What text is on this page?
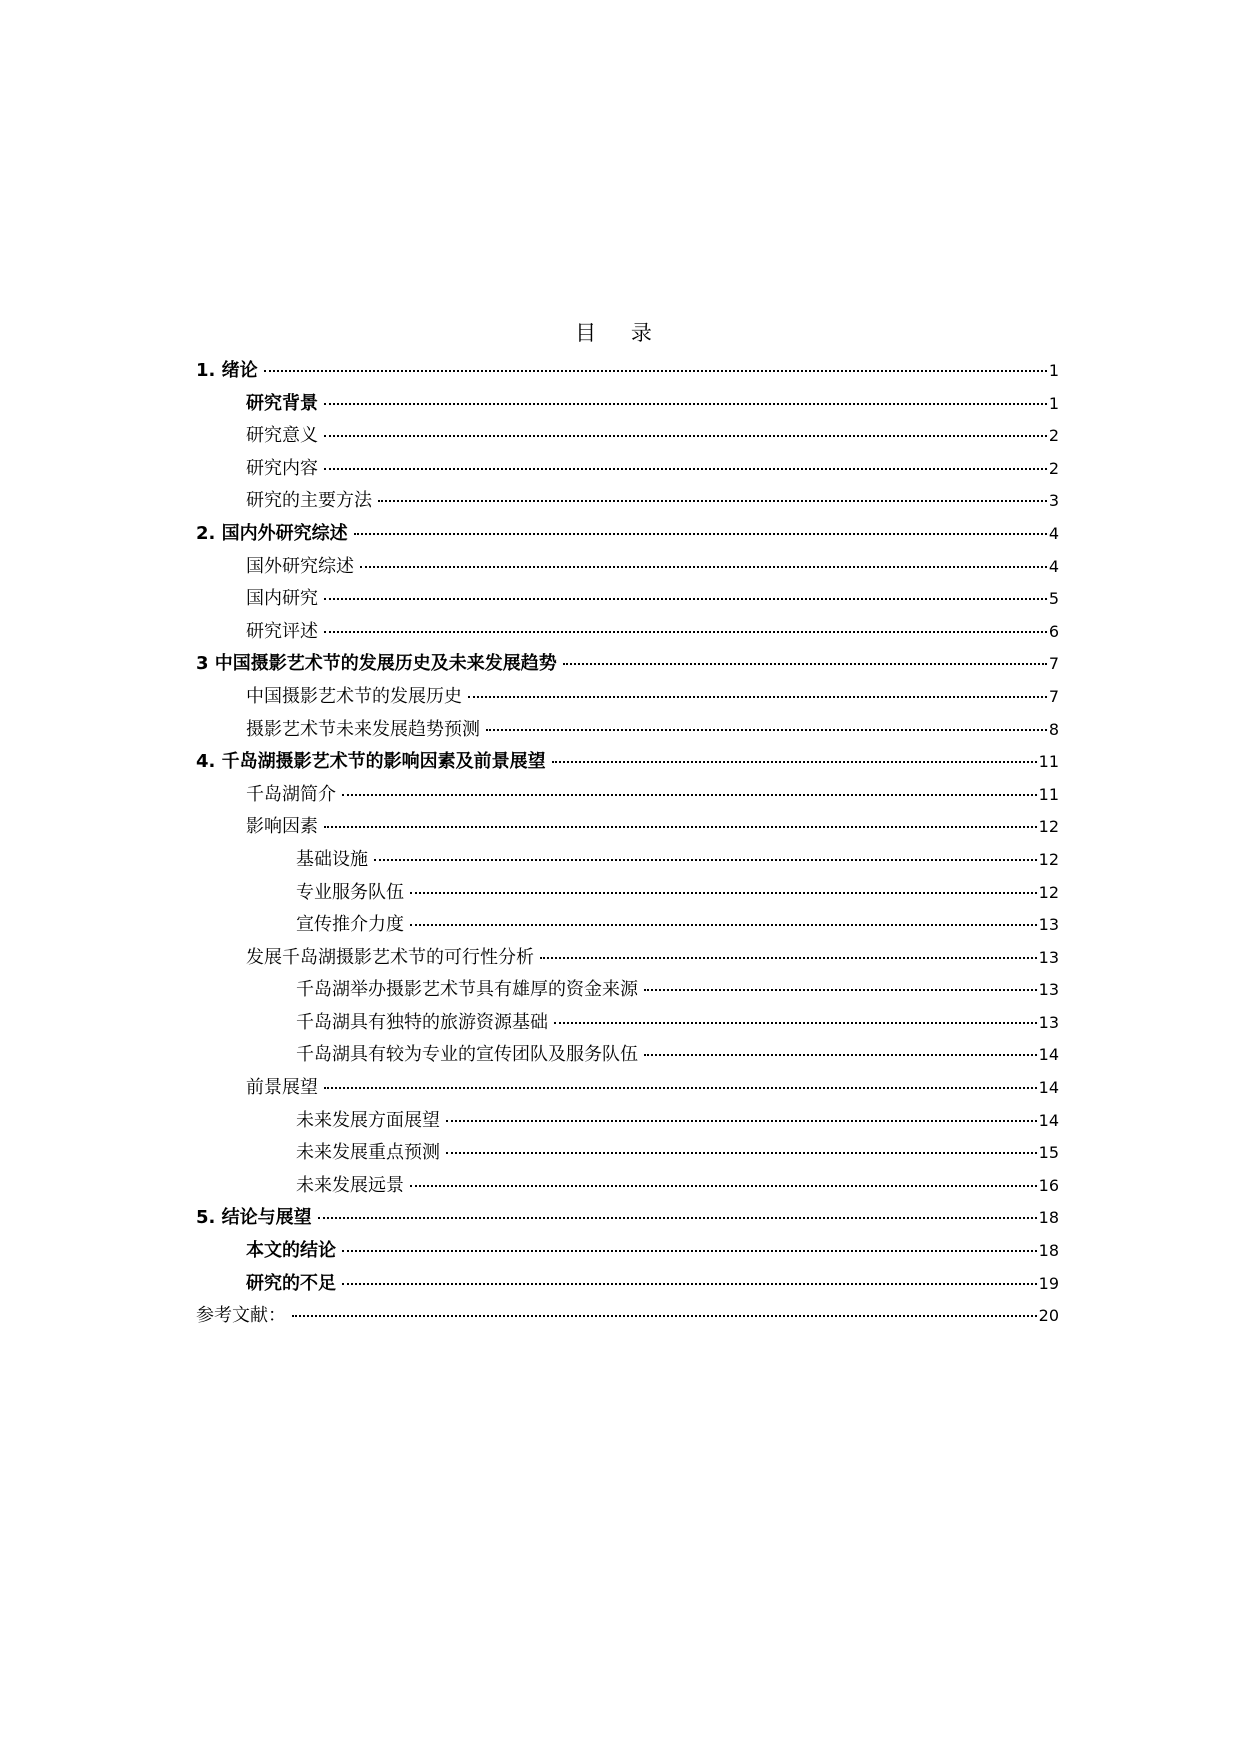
目 录
1. 绪论	1
研究背景	1
研究意义	2
研究内容	2
研究的主要方法	3
2. 国内外研究综述	4
国外研究综述	4
国内研究	5
研究评述	6
3 中国摄影艺术节的发展历史及未来发展趋势	7
中国摄影艺术节的发展历史	7
摄影艺术节未来发展趋势预测	8
4. 千岛湖摄影艺术节的影响因素及前景展望	11
千岛湖简介	11
影响因素	12
基础设施	12
专业服务队伍	12
宣传推介力度	13
发展千岛湖摄影艺术节的可行性分析	13
千岛湖举办摄影艺术节具有雄厚的资金来源	13
千岛湖具有独特的旅游资源基础	13
千岛湖具有较为专业的宣传团队及服务队伍	14
前景展望	14
未来发展方面展望	14
未来发展重点预测	15
未来发展远景	16
5. 结论与展望	18
本文的结论	18
研究的不足	19
参考文献：	20
